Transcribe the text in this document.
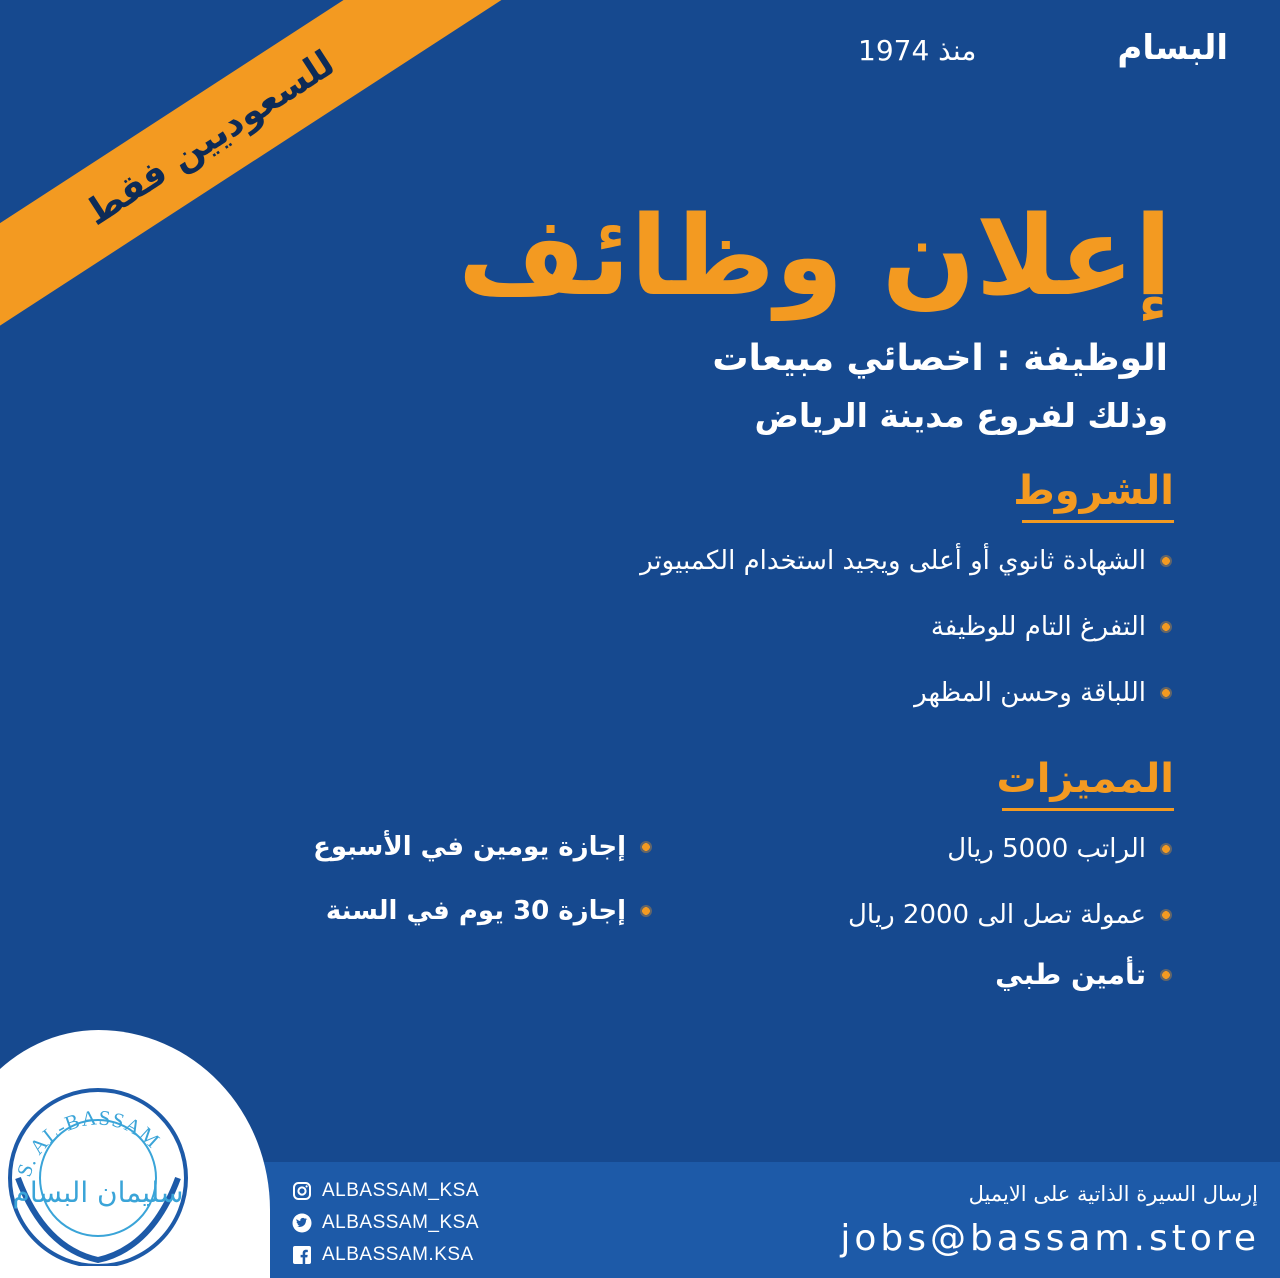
للسعوديين فقط	البسام
منذ 1974
إعلان وظائف
الوظيفة : اخصائي مبيعات
وذلك لفروع مدينة الرياض
الشروط
الشهادة ثانوي أو أعلى ويجيد استخدام الكمبيوتر
التفرغ التام للوظيفة
اللباقة وحسن المظهر
المميزات
الراتب 5000 ريال
عمولة تصل الى 2000 ريال
تأمين طبي
إجازة يومين في الأسبوع
إجازة 30 يوم في السنة
إرسال السيرة الذاتية على الايميل
jobs@bassam.store
ALBASSAM_KSA
ALBASSAM_KSA
ALBASSAM.KSA
S. AL-BASSAM
سليمان البسام
